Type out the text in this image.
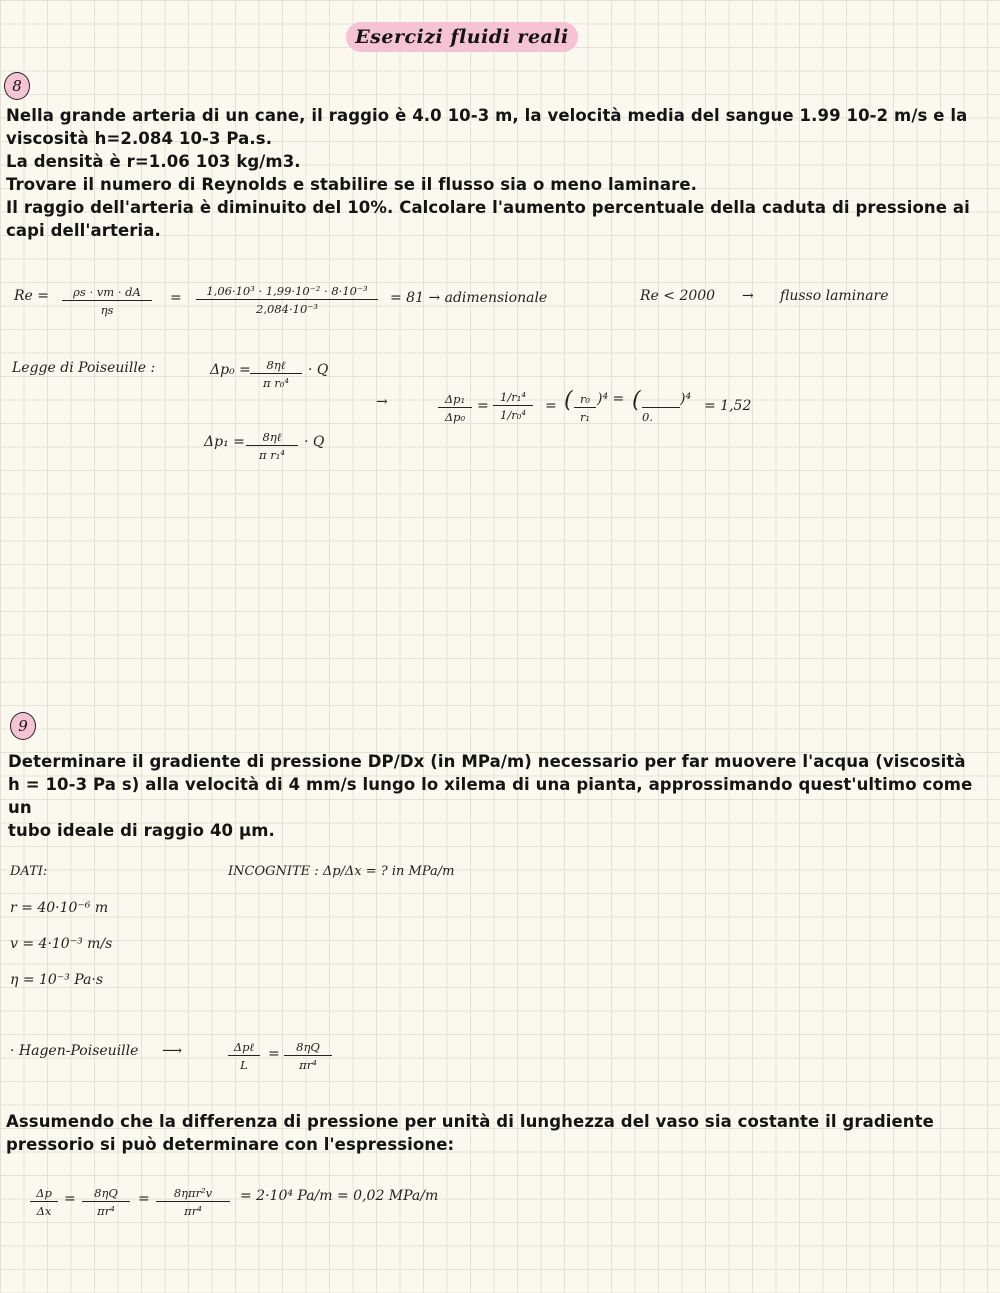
Esercizi fluidi reali
8
Nella grande arteria di un cane, il raggio è 4.0 10-3 m, la velocità media del sangue 1.99 10-2 m/s e la
viscosità h=2.084 10-3 Pa.s.
La densità è r=1.06 103 kg/m3.
Trovare il numero di Reynolds e stabilire se il flusso sia o meno laminare.
Il raggio dell'arteria è diminuito del 10%. Calcolare l'aumento percentuale della caduta di pressione ai
capi dell'arteria.
$Re = \frac{\rho s \cdot vm \cdot dA}{\eta s} = \frac{\text{1,06·10³ · 1,99·10⁻² · 8·10⁻³}}{\text{2,084·10⁻³}} = 81$ → adimensionale	Re < 2000 → flusso laminare
Legge di Poiseuille :	Δp₀ =	8ηℓ
π r₀⁴
· Q
Δp₁ =	8ηℓ
π r₁⁴
· Q
→	$\frac{\text{Δp₁}}{\text{Δp₀}} = \frac{\text{1/r₁⁴}}{\text{1/r₀⁴}}$ = ( $\frac{\text{r₀}}{\text{r₁}} )^4$ = (
0.
)⁴ = 1,52
9
Determinare il gradiente di pressione DP/Dx (in MPa/m) necessario per far muovere l'acqua (viscosità
h = 10-3 Pa s) alla velocità di 4 mm/s lungo lo xilema di una pianta, approssimando quest'ultimo come un
tubo ideale di raggio 40 µm.
DATI:	INCOGNITE : Δp/Δx = ? in MPa/m
r = 40·10⁻⁶ m
v = 4·10⁻³ m/s
η = 10⁻³ Pa·s
· Hagen-Poiseuille ⟶	Δpℓ
L
= $\frac{8\eta Q}{\text{πr⁴}}$
Assumendo che la differenza di pressione per unità di lunghezza del vaso sia costante il gradiente
pressorio si può determinare con l'espressione:
$\frac{\Delta p}{\Delta x} = \frac{8\eta Q}{\text{πr⁴}}$ =	8ηπr²v
πr⁴
= 2·10⁴ Pa/m = 0,02 MPa/m
